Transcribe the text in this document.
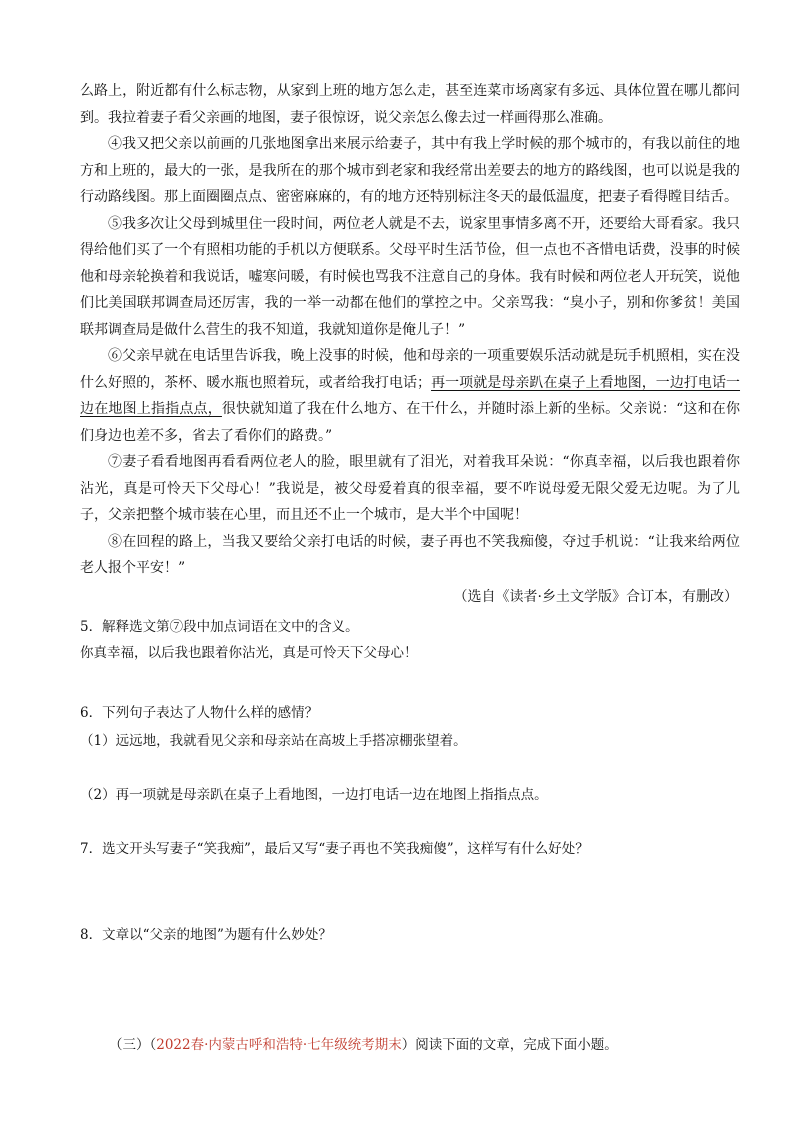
么路上，附近都有什么标志物，从家到上班的地方怎么走，甚至连菜市场离家有多远、具体位置在哪儿都问到。我拉着妻子看父亲画的地图，妻子很惊讶，说父亲怎么像去过一样画得那么准确。

④我又把父亲以前画的几张地图拿出来展示给妻子，其中有我上学时候的那个城市的，有我以前住的地方和上班的，最大的一张，是我所在的那个城市到老家和我经常出差要去的地方的路线图，也可以说是我的行动路线图。那上面圈圈点点、密密麻麻的，有的地方还特别标注冬天的最低温度，把妻子看得瞠目结舌。

⑤我多次让父母到城里住一段时间，两位老人就是不去，说家里事情多离不开，还要给大哥看家。我只得给他们买了一个有照相功能的手机以方便联系。父母平时生活节俭，但一点也不吝惜电话费，没事的时候他和母亲轮换着和我说话，嘘寒问暖，有时候也骂我不注意自己的身体。我有时候和两位老人开玩笑，说他们比美国联邦调查局还厉害，我的一举一动都在他们的掌控之中。父亲骂我：“臭小子，别和你爹贫！美国联邦调查局是做什么营生的我不知道，我就知道你是俺儿子！”

⑥父亲早就在电话里告诉我，晚上没事的时候，他和母亲的一项重要娱乐活动就是玩手机照相，实在没什么好照的，茶杯、暖水瓶也照着玩，或者给我打电话；再一项就是母亲趴在桌子上看地图，一边打电话一边在地图上指指点点，很快就知道了我在什么地方、在干什么，并随时添上新的坐标。父亲说：“这和在你们身边也差不多，省去了看你们的路费。”

⑦妻子看看地图再看看两位老人的脸，眼里就有了泪光，对着我耳朵说：“你真幸福，以后我也跟着你沾光，真是可怜天下父母心！”我说是，被父母爱着真的很幸福，要不咋说母爱无限父爱无边呢。为了儿子，父亲把整个城市装在心里，而且还不止一个城市，是大半个中国呢！

⑧在回程的路上，当我又要给父亲打电话的时候，妻子再也不笑我痴傻，夺过手机说：“让我来给两位老人报个平安！”

（选自《读者·乡土文学版》合订本，有删改）

5．解释选文第⑦段中加点词语在文中的含义。

你真幸福，以后我也跟着你沾光，真是可怜天下父母心！

6．下列句子表达了人物什么样的感情？

（1）远远地，我就看见父亲和母亲站在高坡上手搭凉棚张望着。

（2）再一项就是母亲趴在桌子上看地图，一边打电话一边在地图上指指点点。

7．选文开头写妻子“笑我痴”，最后又写“妻子再也不笑我痴傻”，这样写有什么好处？

8．文章以“父亲的地图”为题有什么妙处？

（三）（2022春·内蒙古呼和浩特·七年级统考期末）阅读下面的文章，完成下面小题。
